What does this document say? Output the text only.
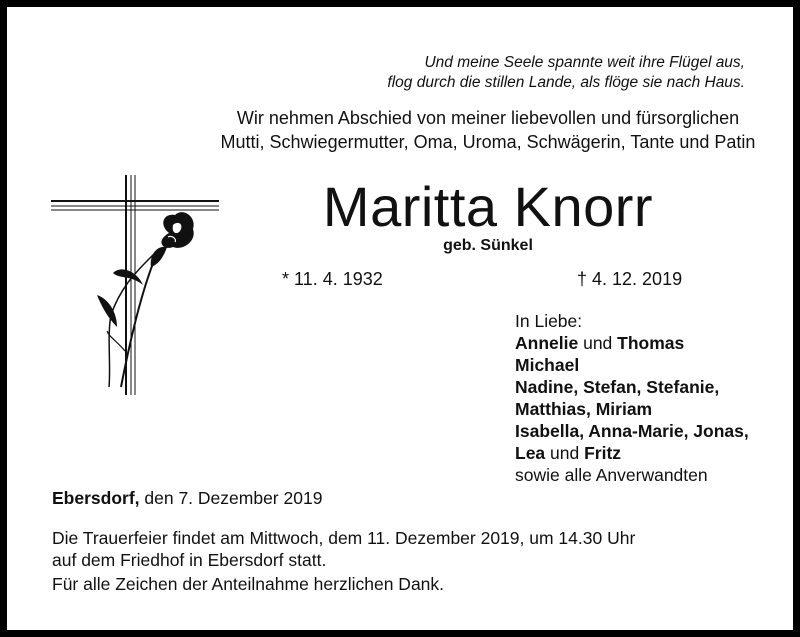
Und meine Seele spannte weit ihre Flügel aus,
flog durch die stillen Lande, als flöge sie nach Haus.
Wir nehmen Abschied von meiner liebevollen und fürsorglichen
Mutti, Schwiegermutter, Oma, Uroma, Schwägerin, Tante und Patin
Maritta Knorr
geb. Sünkel
* 11. 4. 1932	† 4. 12. 2019
In Liebe:
Annelie und Thomas
Michael
Nadine, Stefan, Stefanie,
Matthias, Miriam
Isabella, Anna-Marie, Jonas,
Lea und Fritz
sowie alle Anverwandten
Ebersdorf, den 7. Dezember 2019
Die Trauerfeier findet am Mittwoch, dem 11. Dezember 2019, um 14.30 Uhr
auf dem Friedhof in Ebersdorf statt.
Für alle Zeichen der Anteilnahme herzlichen Dank.
